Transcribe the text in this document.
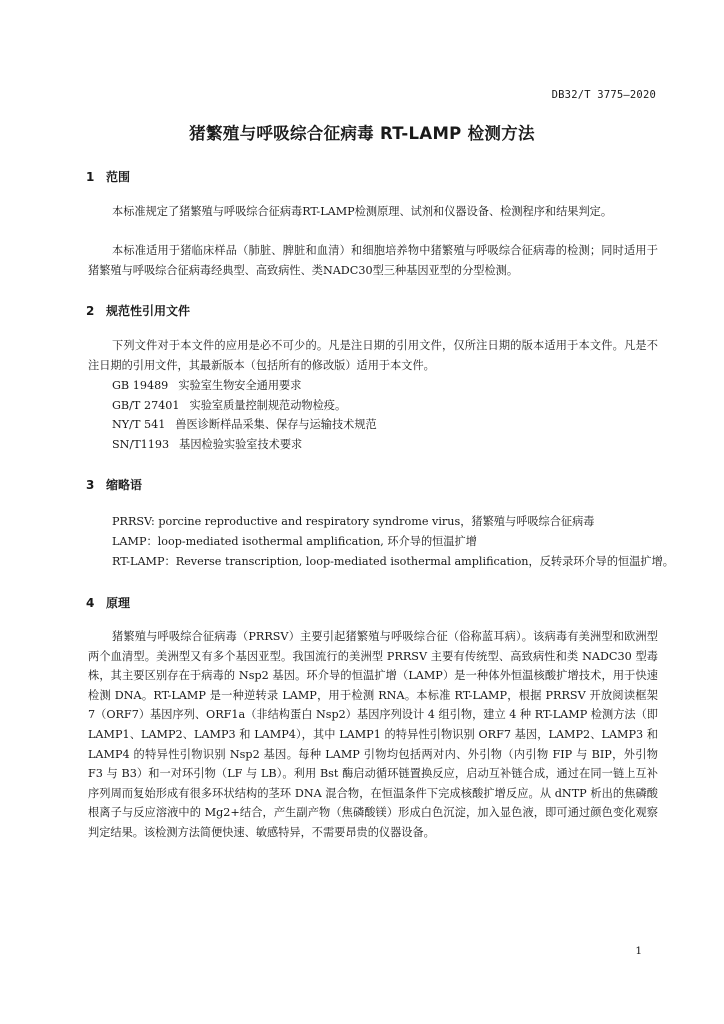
DB32/T 3775—2020
猪繁殖与呼吸综合征病毒 RT-LAMP 检测方法
1 范围
本标准规定了猪繁殖与呼吸综合征病毒RT-LAMP检测原理、试剂和仪器设备、检测程序和结果判定。
本标准适用于猪临床样品（肺脏、脾脏和血清）和细胞培养物中猪繁殖与呼吸综合征病毒的检测；同时适用于猪繁殖与呼吸综合征病毒经典型、高致病性、类NADC30型三种基因亚型的分型检测。
2 规范性引用文件
下列文件对于本文件的应用是必不可少的。凡是注日期的引用文件，仅所注日期的版本适用于本文件。凡是不注日期的引用文件，其最新版本（包括所有的修改版）适用于本文件。
GB 19489 实验室生物安全通用要求
GB/T 27401 实验室质量控制规范动物检疫。
NY/T 541 兽医诊断样品采集、保存与运输技术规范
SN/T1193 基因检验实验室技术要求
3 缩略语
PRRSV: porcine reproductive and respiratory syndrome virus，猪繁殖与呼吸综合征病毒
LAMP：loop-mediated isothermal amplification, 环介导的恒温扩增
RT-LAMP：Reverse transcription, loop-mediated isothermal amplification，反转录环介导的恒温扩增。
4 原理
猪繁殖与呼吸综合征病毒（PRRSV）主要引起猪繁殖与呼吸综合征（俗称蓝耳病）。该病毒有美洲型和欧洲型两个血清型。美洲型又有多个基因亚型。我国流行的美洲型 PRRSV 主要有传统型、高致病性和类 NADC30 型毒株，其主要区别存在于病毒的 Nsp2 基因。环介导的恒温扩增（LAMP）是一种体外恒温核酸扩增技术，用于快速检测 DNA。RT-LAMP 是一种逆转录 LAMP，用于检测 RNA。本标准 RT-LAMP，根据 PRRSV 开放阅读框架 7（ORF7）基因序列、ORF1a（非结构蛋白 Nsp2）基因序列设计 4 组引物，建立 4 种 RT-LAMP 检测方法（即 LAMP1、LAMP2、LAMP3 和 LAMP4），其中 LAMP1 的特异性引物识别 ORF7 基因，LAMP2、LAMP3 和 LAMP4 的特异性引物识别 Nsp2 基因。每种 LAMP 引物均包括两对内、外引物（内引物 FIP 与 BIP，外引物 F3 与 B3）和一对环引物（LF 与 LB）。利用 Bst 酶启动循环链置换反应，启动互补链合成，通过在同一链上互补序列周而复始形成有很多环状结构的茎环 DNA 混合物，在恒温条件下完成核酸扩增反应。从 dNTP 析出的焦磷酸根离子与反应溶液中的 Mg2+结合，产生副产物（焦磷酸镁）形成白色沉淀，加入显色液，即可通过颜色变化观察判定结果。该检测方法简便快速、敏感特异，不需要昂贵的仪器设备。
1
